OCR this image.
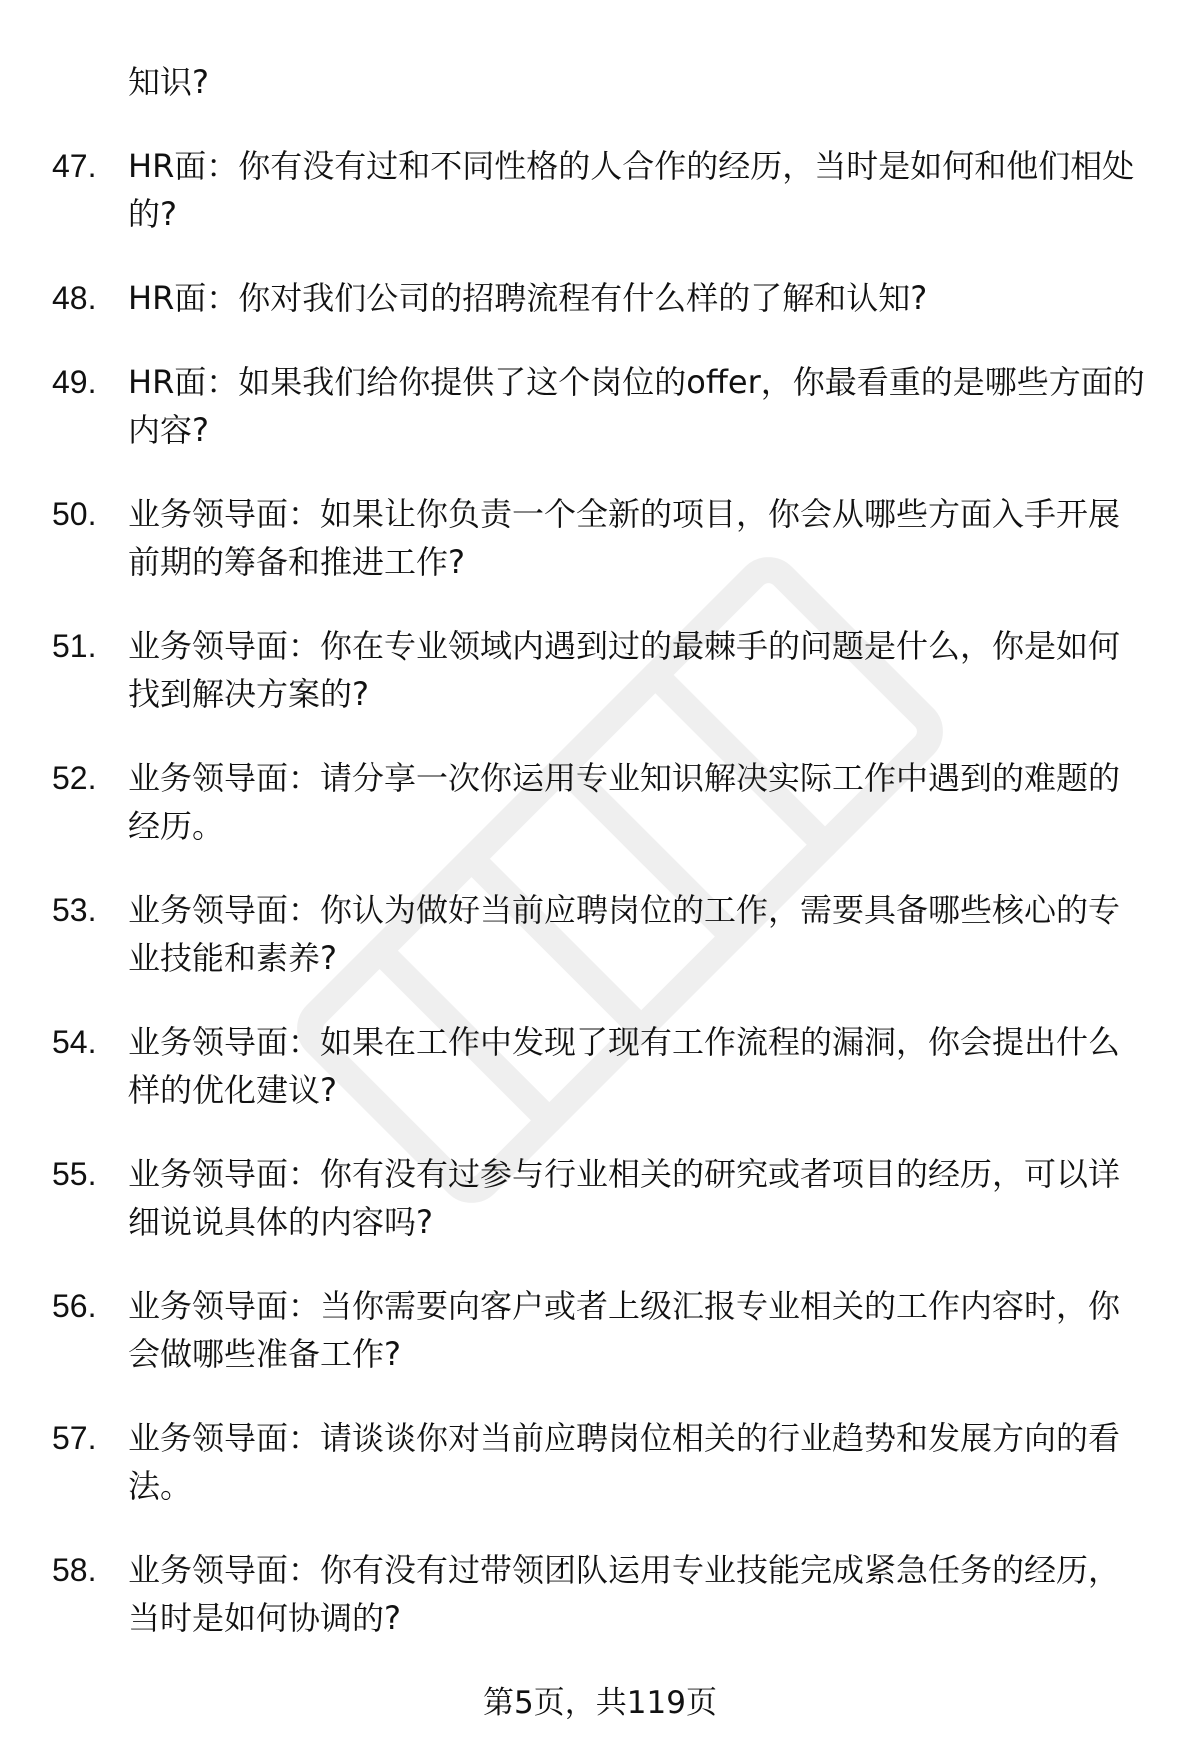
知识?
47. HR面：你有没有过和不同性格的人合作的经历，当时是如何和他们相处的?
48. HR面：你对我们公司的招聘流程有什么样的了解和认知?
49. HR面：如果我们给你提供了这个岗位的offer，你最看重的是哪些方面的内容?
50. 业务领导面：如果让你负责一个全新的项目，你会从哪些方面入手开展前期的筹备和推进工作?
51. 业务领导面：你在专业领域内遇到过的最棘手的问题是什么，你是如何找到解决方案的?
52. 业务领导面：请分享一次你运用专业知识解决实际工作中遇到的难题的经历。
53. 业务领导面：你认为做好当前应聘岗位的工作，需要具备哪些核心的专业技能和素养?
54. 业务领导面：如果在工作中发现了现有工作流程的漏洞，你会提出什么样的优化建议?
55. 业务领导面：你有没有过参与行业相关的研究或者项目的经历，可以详细说说具体的内容吗?
56. 业务领导面：当你需要向客户或者上级汇报专业相关的工作内容时，你会做哪些准备工作?
57. 业务领导面：请谈谈你对当前应聘岗位相关的行业趋势和发展方向的看法。
58. 业务领导面：你有没有过带领团队运用专业技能完成紧急任务的经历，当时是如何协调的?
第5页，共119页
